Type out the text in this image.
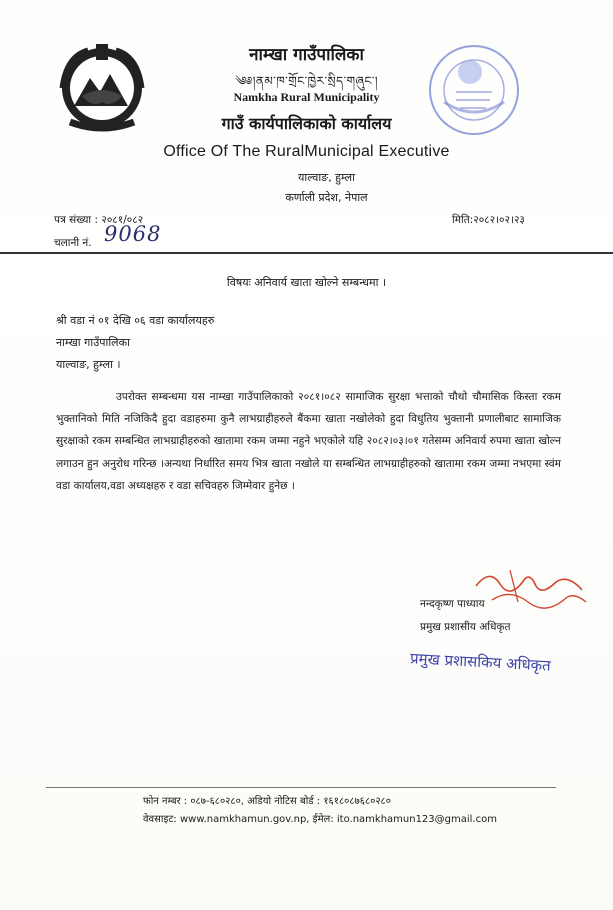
नाम्खा गाउँपालिका
༄༅།ནམ་ཁ་གྲོང་ཁྱེར་སྲིད་གཞུང་།
Namkha Rural Municipality
गाउँ कार्यपालिकाको कार्यालय
Office Of The RuralMunicipal Executive
याल्वाङ, हुम्ला
कर्णाली प्रदेश, नेपाल
पत्र संख्या : २०८१/०८२
चलानी नं. 9068
मिति:२०८२।०२।२३
विषयः अनिवार्य खाता खोल्ने सम्बन्धमा ।
श्री वडा नं ०१ देखि ०६ वडा कार्यालयहरु
नाम्खा गाउँपालिका
याल्वाङ, हुम्ला ।
उपरोक्त सम्बन्धमा यस नाम्खा गाउँपालिकाको २०८१।०८२ सामाजिक सुरक्षा भत्ताको चौथो चौमासिक किस्ता रकम भुक्तानिको मिति नजिकिदै हुदा वडाहरुमा कुनै लाभग्राहीहरुले बैंकमा खाता नखोलेको हुदा विधुतिय भुक्तानी प्रणालीबाट सामाजिक सुरक्षाको रकम सम्बन्धित लाभग्राहीहरुको खातामा रकम जम्मा नहुने भएकोले यहि २०८२।०३।०१ गतेसम्म अनिवार्य रुपमा खाता खोल्न लगाउन हुन अनुरोध गरिन्छ ।अन्यथा निर्धारित समय भित्र खाता नखोले या सम्बन्धित लाभग्राहीहरुको खातामा रकम जम्मा नभएमा स्वंम वडा कार्यालय,वडा अध्यक्षहरु र वडा सचिवहरु जिम्मेवार हुनेछ ।
नन्दकृष्ण पाध्याय
प्रमुख प्रशासीय अधिकृत
प्रमुख प्रशासकिय अधिकृत
फोन नम्बर : ०८७-६८०२८०, अडियो नोटिस बोर्ड : १६१८०८७६८०२८०
वेवसाइट: www.namkhamun.gov.np, ईमेल: ito.namkhamun123@gmail.com
